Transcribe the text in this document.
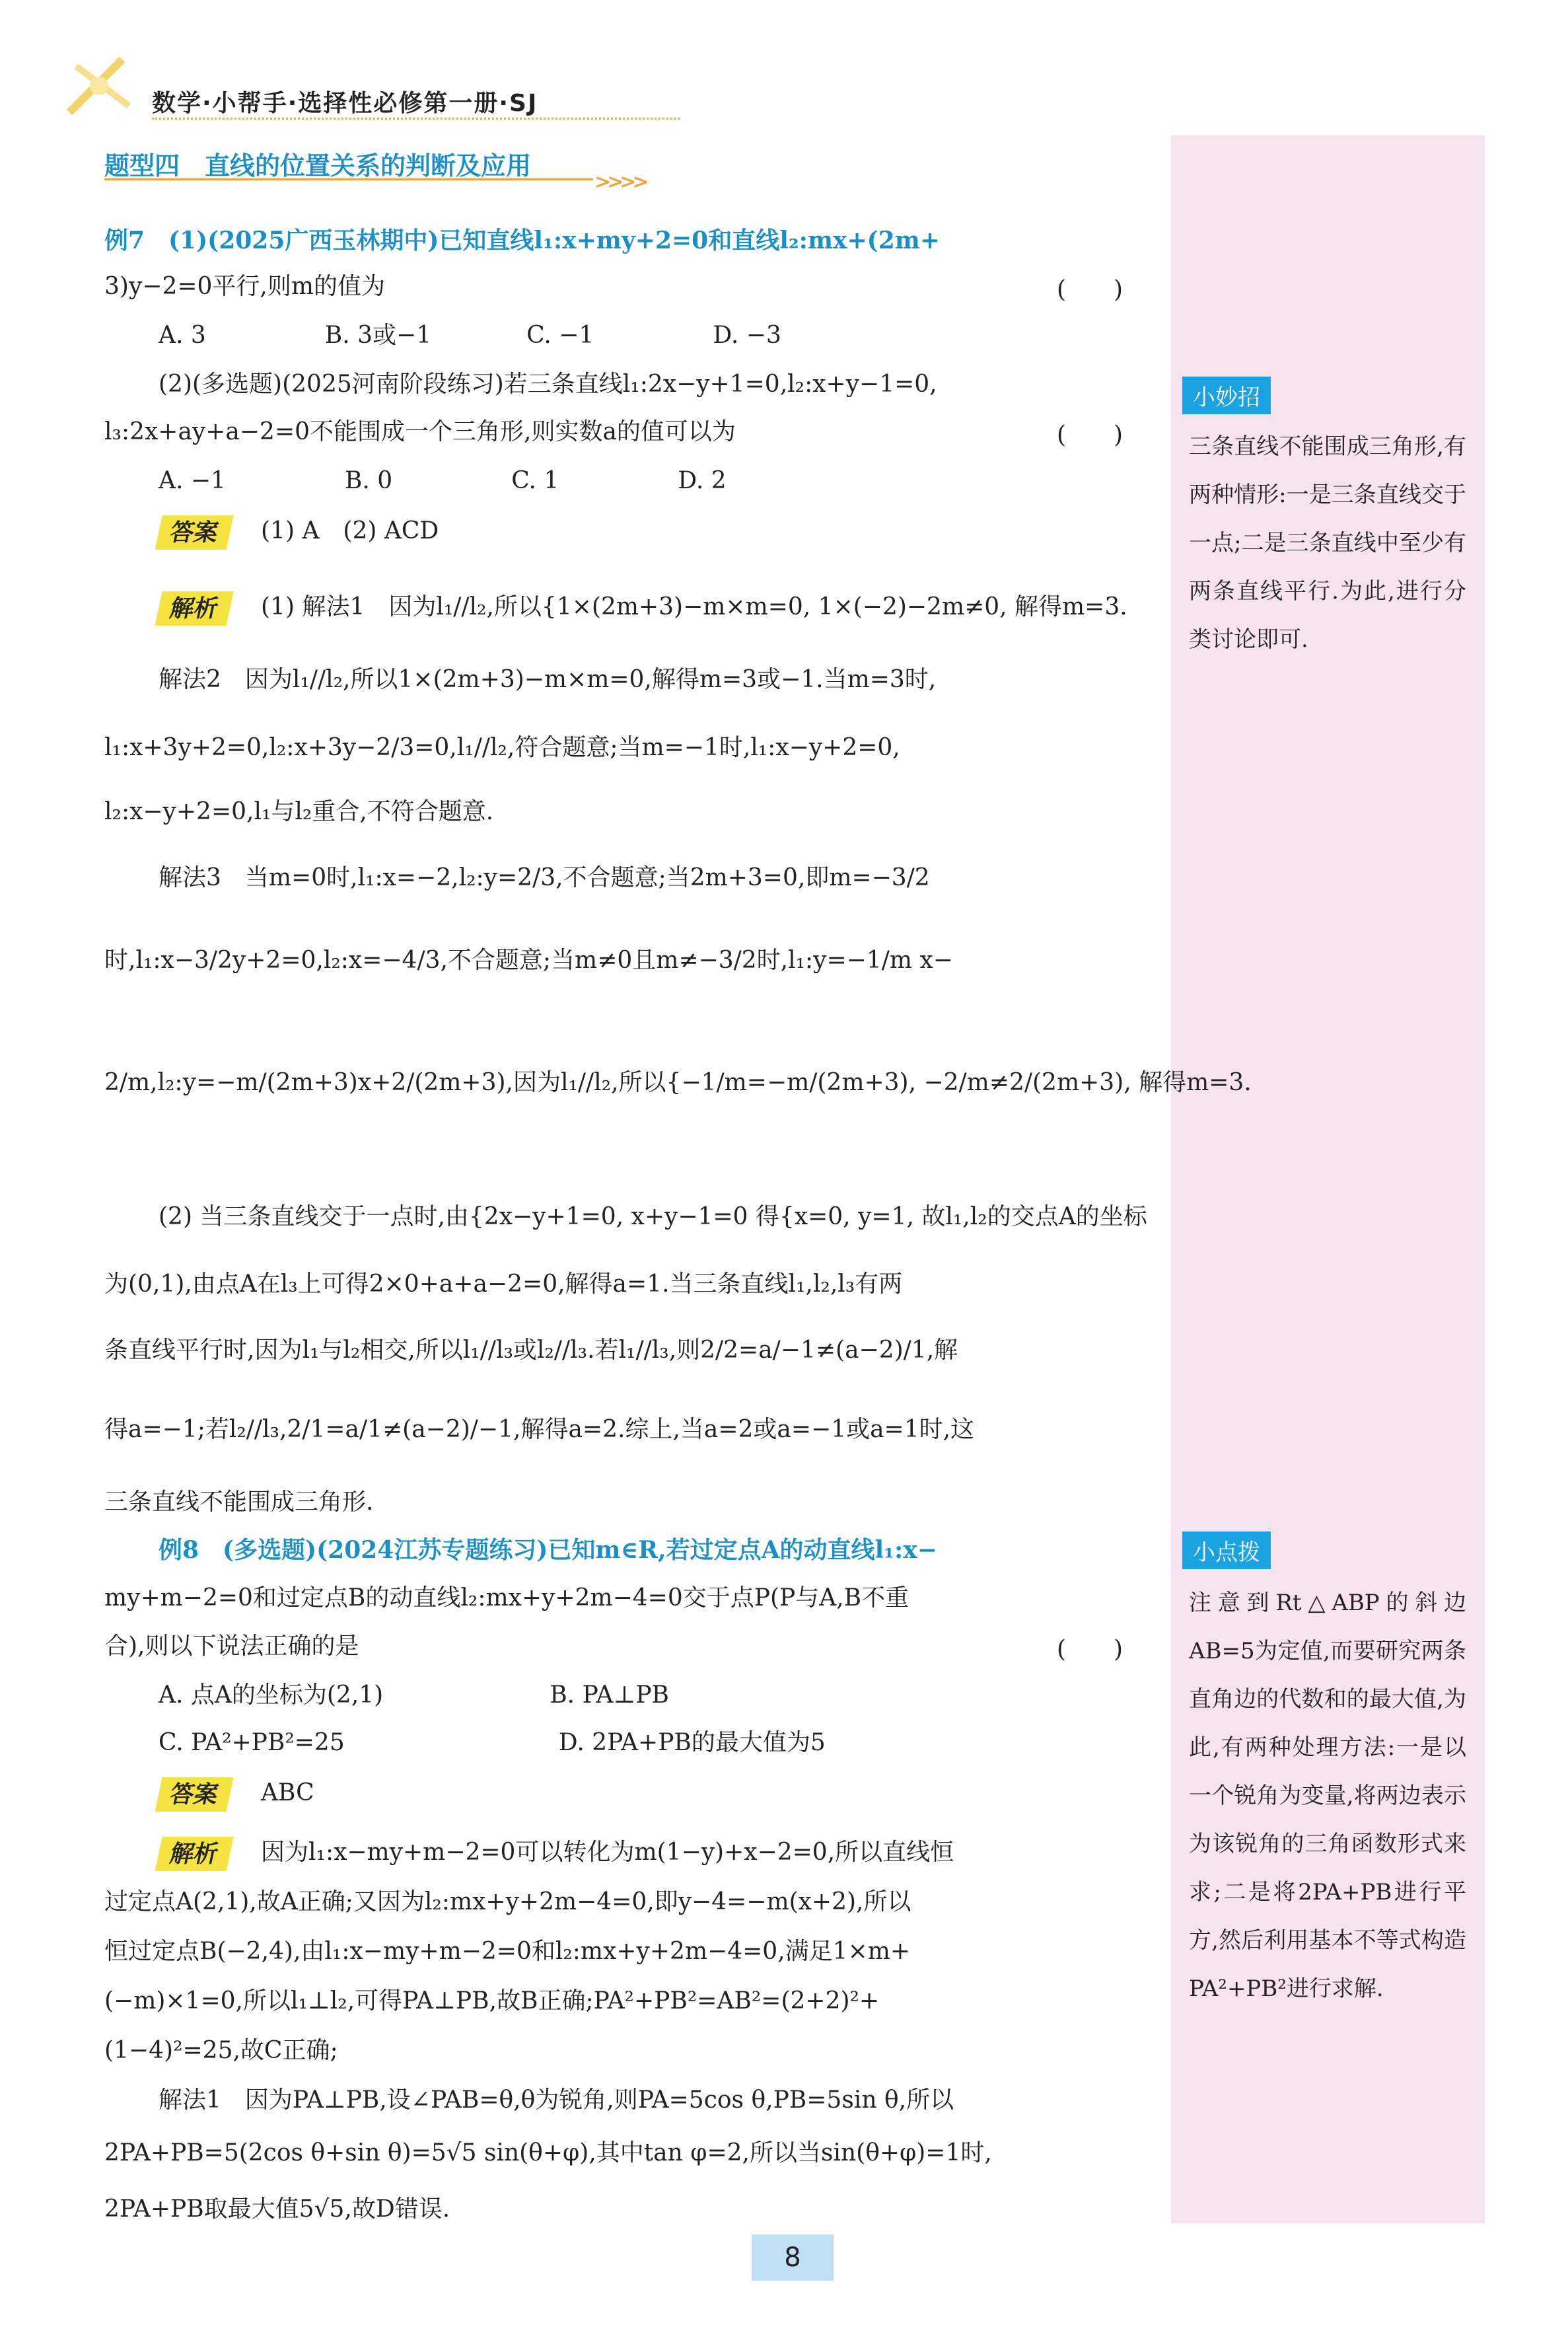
数学·小帮手·选择性必修第一册·SJ
题型四　直线的位置关系的判断及应用
>>>>
小妙招
三条直线不能围成三角形,有两种情形:一是三条直线交于一点;二是三条直线中至少有两条直线平行.为此,进行分类讨论即可.
小点拨
注意到Rt△ABP的斜边AB=5为定值,而要研究两条直角边的代数和的最大值,为此,有两种处理方法:一是以一个锐角为变量,将两边表示为该锐角的三角函数形式来求;二是将2PA+PB进行平方,然后利用基本不等式构造PA²+PB²进行求解.
例7　(1)(2025广西玉林期中)已知直线l₁:x+my+2=0和直线l₂:mx+(2m+
3)y−2=0平行,则m的值为	(　　)
A. 3　　　　　B. 3或−1　　　　C. −1　　　　　D. −3
(2)(多选题)(2025河南阶段练习)若三条直线l₁:2x−y+1=0,l₂:x+y−1=0,
l₃:2x+ay+a−2=0不能围成一个三角形,则实数a的值可以为	(　　)
A. −1　　　　　B. 0　　　　　C. 1　　　　　D. 2
答案	(1) A　(2) ACD
解析	(1) 解法1　因为l₁//l₂,所以{1×(2m+3)−m×m=0, 1×(−2)−2m≠0, 解得m=3.
解法2　因为l₁//l₂,所以1×(2m+3)−m×m=0,解得m=3或−1.当m=3时,
l₁:x+3y+2=0,l₂:x+3y−2/3=0,l₁//l₂,符合题意;当m=−1时,l₁:x−y+2=0,
l₂:x−y+2=0,l₁与l₂重合,不符合题意.
解法3　当m=0时,l₁:x=−2,l₂:y=2/3,不合题意;当2m+3=0,即m=−3/2
时,l₁:x−3/2y+2=0,l₂:x=−4/3,不合题意;当m≠0且m≠−3/2时,l₁:y=−1/m x−
2/m,l₂:y=−m/(2m+3)x+2/(2m+3),因为l₁//l₂,所以{−1/m=−m/(2m+3), −2/m≠2/(2m+3), 解得m=3.
(2) 当三条直线交于一点时,由{2x−y+1=0, x+y−1=0 得{x=0, y=1, 故l₁,l₂的交点A的坐标
为(0,1),由点A在l₃上可得2×0+a+a−2=0,解得a=1.当三条直线l₁,l₂,l₃有两
条直线平行时,因为l₁与l₂相交,所以l₁//l₃或l₂//l₃.若l₁//l₃,则2/2=a/−1≠(a−2)/1,解
得a=−1;若l₂//l₃,2/1=a/1≠(a−2)/−1,解得a=2.综上,当a=2或a=−1或a=1时,这
三条直线不能围成三角形.
例8　(多选题)(2024江苏专题练习)已知m∈R,若过定点A的动直线l₁:x−
my+m−2=0和过定点B的动直线l₂:mx+y+2m−4=0交于点P(P与A,B不重
合),则以下说法正确的是	(　　)
A. 点A的坐标为(2,1)　　　　　　　B. PA⊥PB
C. PA²+PB²=25　　　　　　　　　D. 2PA+PB的最大值为5
答案	ABC
解析	因为l₁:x−my+m−2=0可以转化为m(1−y)+x−2=0,所以直线恒
过定点A(2,1),故A正确;又因为l₂:mx+y+2m−4=0,即y−4=−m(x+2),所以
恒过定点B(−2,4),由l₁:x−my+m−2=0和l₂:mx+y+2m−4=0,满足1×m+
(−m)×1=0,所以l₁⊥l₂,可得PA⊥PB,故B正确;PA²+PB²=AB²=(2+2)²+
(1−4)²=25,故C正确;
解法1　因为PA⊥PB,设∠PAB=θ,θ为锐角,则PA=5cos θ,PB=5sin θ,所以
2PA+PB=5(2cos θ+sin θ)=5√5 sin(θ+φ),其中tan φ=2,所以当sin(θ+φ)=1时,
2PA+PB取最大值5√5,故D错误.
8
